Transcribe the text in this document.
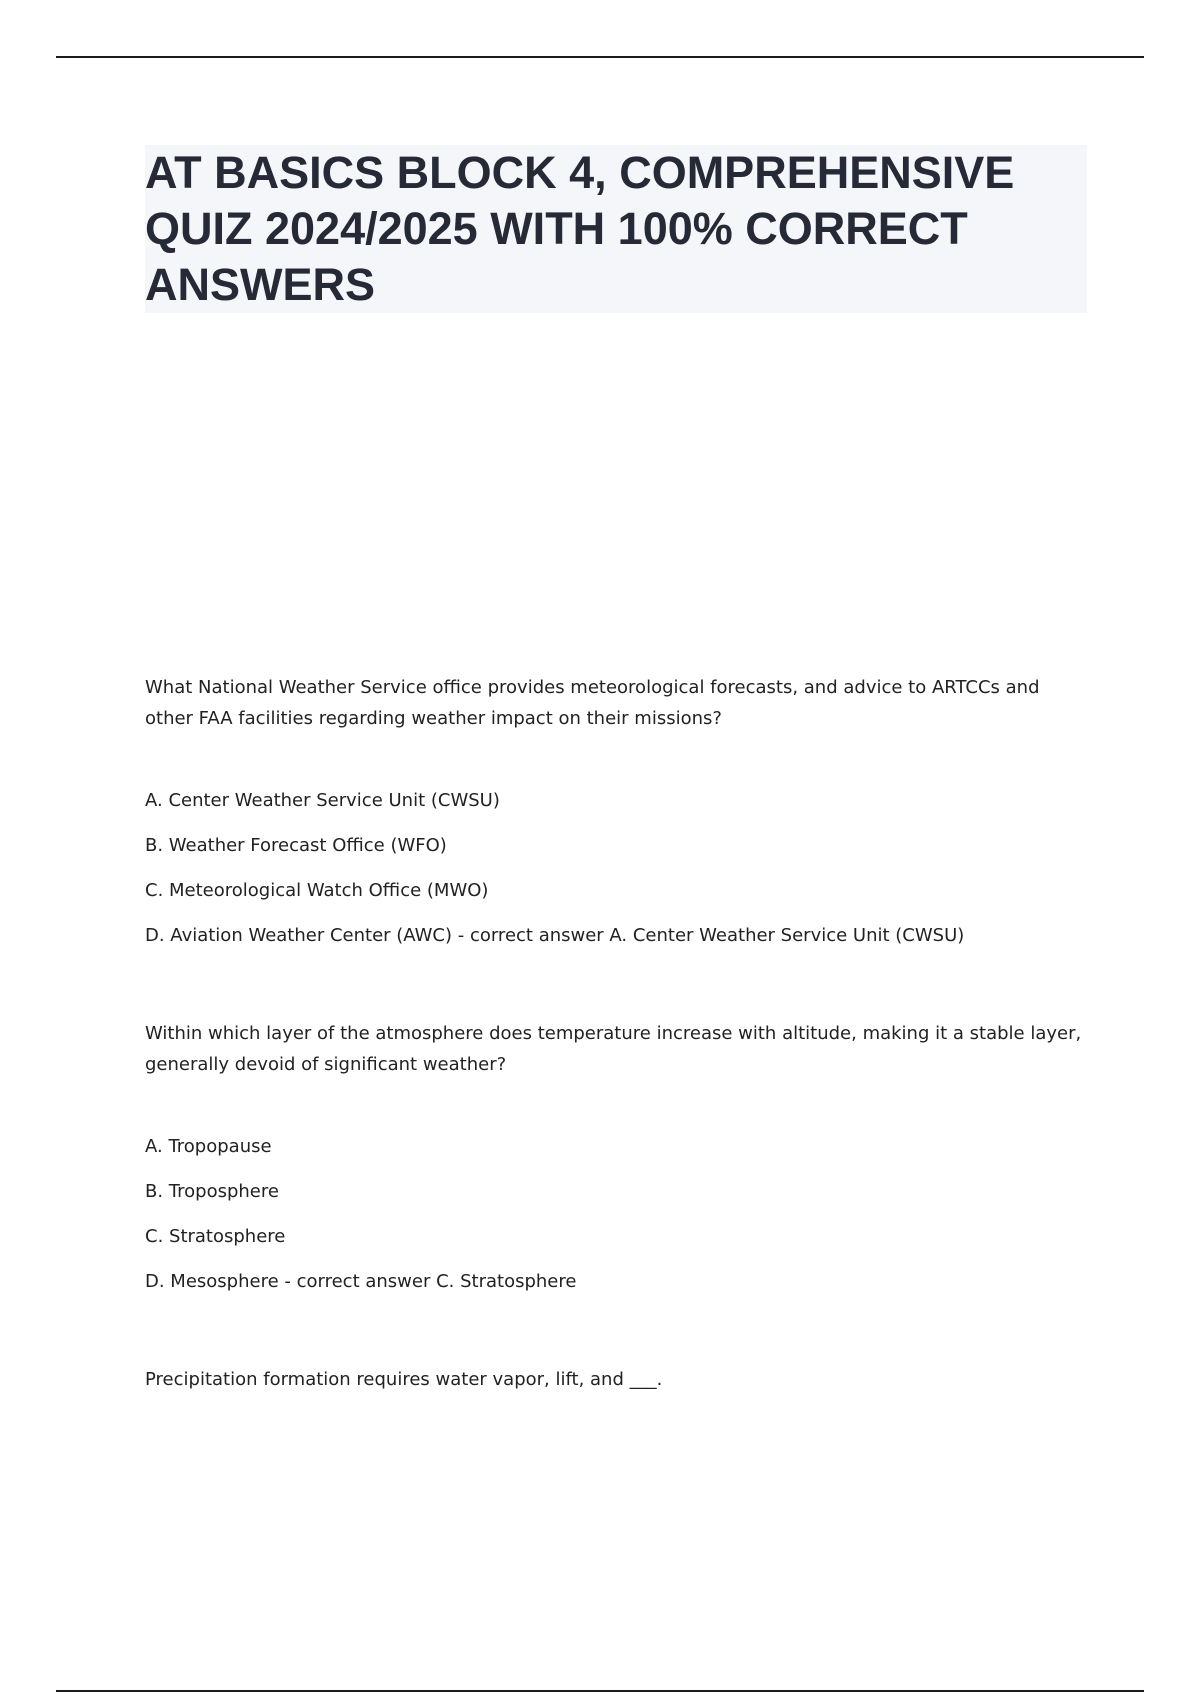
AT BASICS BLOCK 4, COMPREHENSIVE QUIZ 2024/2025 WITH 100% CORRECT ANSWERS

What National Weather Service office provides meteorological forecasts, and advice to ARTCCs and other FAA facilities regarding weather impact on their missions?

A. Center Weather Service Unit (CWSU)
B. Weather Forecast Office (WFO)
C. Meteorological Watch Office (MWO)
D. Aviation Weather Center (AWC) - correct answer A. Center Weather Service Unit (CWSU)

Within which layer of the atmosphere does temperature increase with altitude, making it a stable layer, generally devoid of significant weather?

A. Tropopause
B. Troposphere
C. Stratosphere
D. Mesosphere - correct answer C. Stratosphere

Precipitation formation requires water vapor, lift, and ___.
